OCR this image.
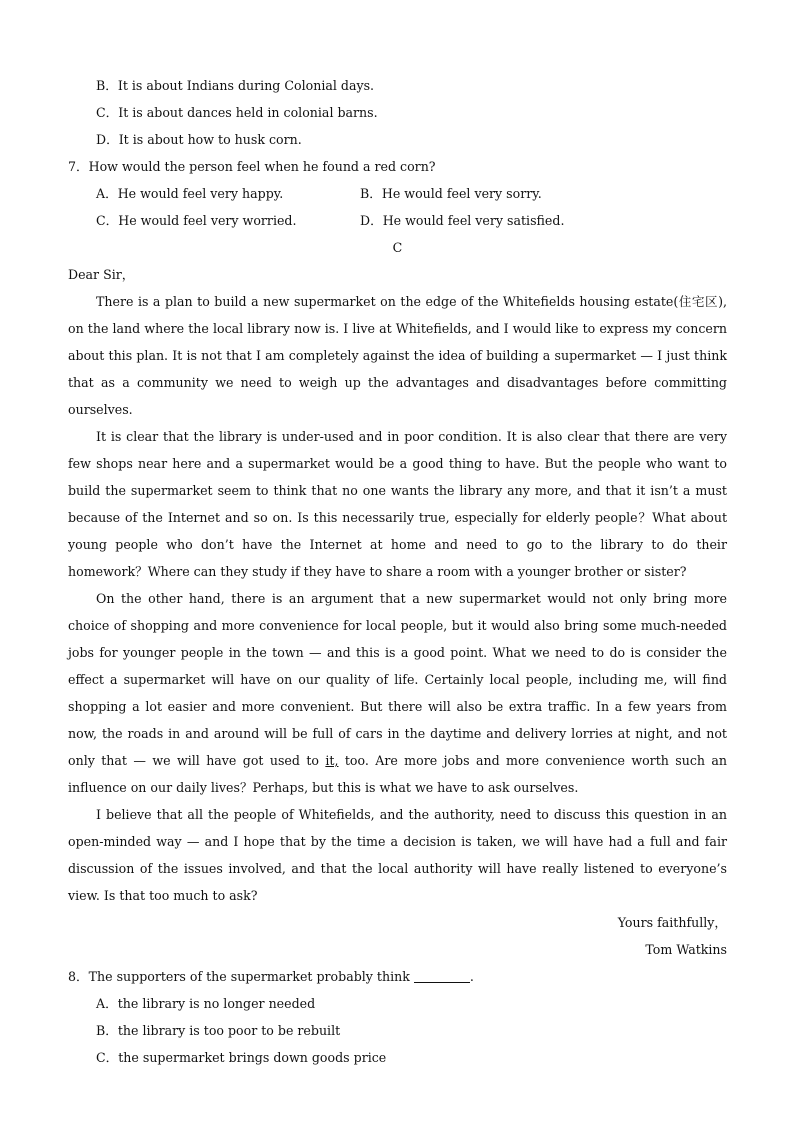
B．It is about Indians during Colonial days.
C．It is about dances held in colonial barns.
D．It is about how to husk corn.
7．How would the person feel when he found a red corn?
A．He would feel very happy.	B．He would feel very sorry.
C．He would feel very worried.	D．He would feel very satisfied.
C
Dear Sir，

There is a plan to build a new supermarket on the edge of the Whitefields housing estate(住宅区), on the land where the local library now is. I live at Whitefields, and I would like to express my concern about this plan. It is not that I am completely against the idea of building a supermarket — I just think that as a community we need to weigh up the advantages and disadvantages before committing ourselves.

It is clear that the library is under-used and in poor condition. It is also clear that there are very few shops near here and a supermarket would be a good thing to have. But the people who want to build the supermarket seem to think that no one wants the library any more, and that it isn’t a must because of the Internet and so on. Is this necessarily true, especially for elderly people？What about young people who don’t have the Internet at home and need to go to the library to do their homework？Where can they study if they have to share a room with a younger brother or sister?

On the other hand, there is an argument that a new supermarket would not only bring more choice of shopping and more convenience for local people, but it would also bring some much-needed jobs for younger people in the town — and this is a good point. What we need to do is consider the effect a supermarket will have on our quality of life. Certainly local people, including me, will find shopping a lot easier and more convenient. But there will also be extra traffic. In a few years from now, the roads in and around will be full of cars in the daytime and delivery lorries at night, and not only that — we will have got used to it, too. Are more jobs and more convenience worth such an influence on our daily lives？Perhaps, but this is what we have to ask ourselves.

I believe that all the people of Whitefields, and the authority, need to discuss this question in an open-minded way — and I hope that by the time a decision is taken, we will have had a full and fair discussion of the issues involved, and that the local authority will have really listened to everyone’s view. Is that too much to ask?

Yours faithfully，
Tom Watkins
8．The supporters of the supermarket probably think	.
A．the library is no longer needed
B．the library is too poor to be rebuilt
C．the supermarket brings down goods price
